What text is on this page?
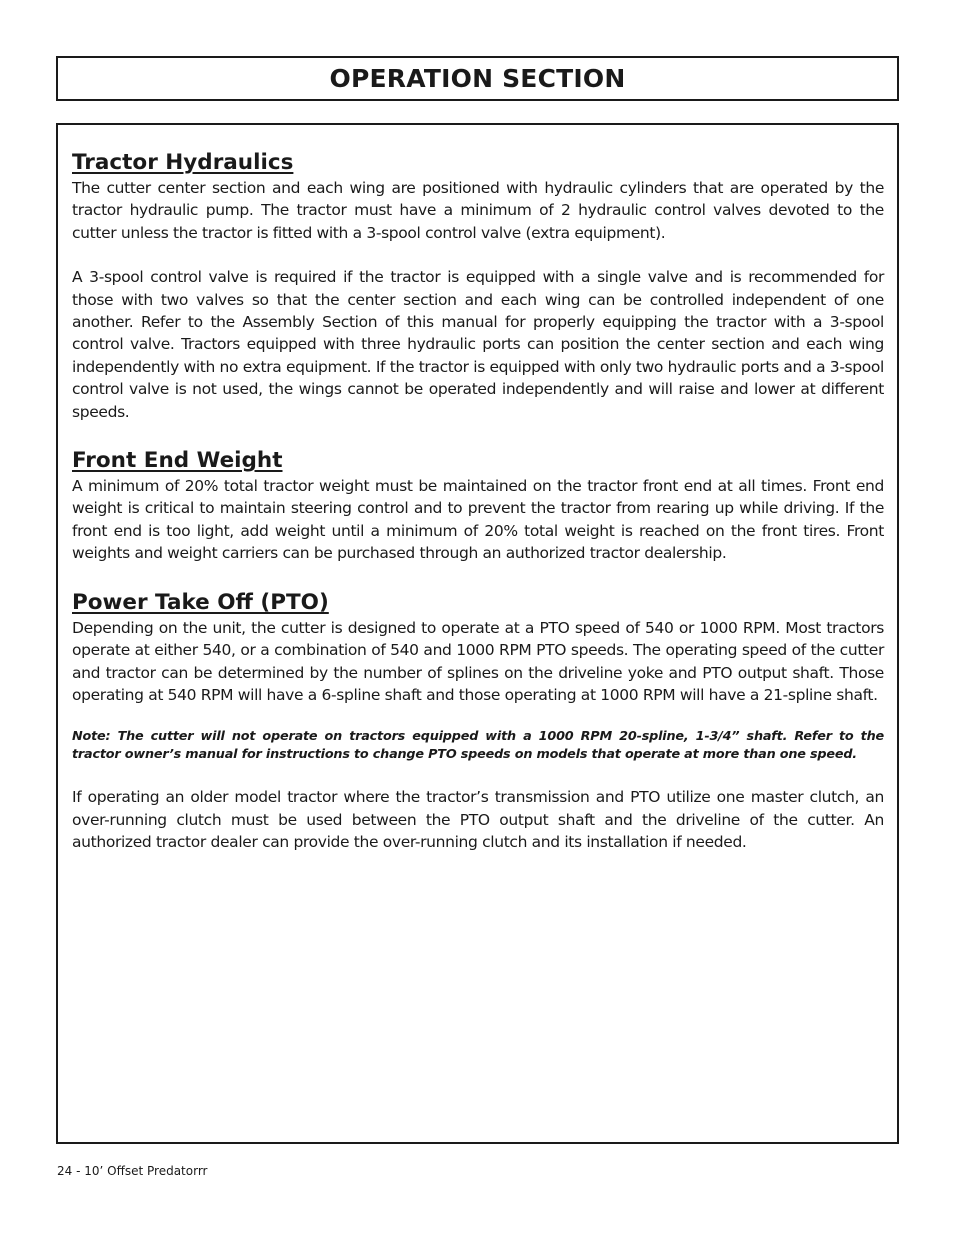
OPERATION SECTION
Tractor Hydraulics

The cutter center section and each wing are positioned with hydraulic cylinders that are operated by the tractor hydraulic pump. The tractor must have a minimum of 2 hydraulic control valves devoted to the cutter unless the tractor is fitted with a 3-spool control valve (extra equipment).

A 3-spool control valve is required if the tractor is equipped with a single valve and is recommended for those with two valves so that the center section and each wing can be controlled independent of one another. Refer to the Assembly Section of this manual for properly equipping the tractor with a 3-spool control valve. Tractors equipped with three hydraulic ports can position the center section and each wing independently with no extra equipment. If the tractor is equipped with only two hydraulic ports and a 3-spool control valve is not used, the wings cannot be operated independently and will raise and lower at different speeds.

Front End Weight

A minimum of 20% total tractor weight must be maintained on the tractor front end at all times. Front end weight is critical to maintain steering control and to prevent the tractor from rearing up while driving. If the front end is too light, add weight until a minimum of 20% total weight is reached on the front tires. Front weights and weight carriers can be purchased through an authorized tractor dealership.

Power Take Off (PTO)

Depending on the unit, the cutter is designed to operate at a PTO speed of 540 or 1000 RPM. Most tractors operate at either 540, or a combination of 540 and 1000 RPM PTO speeds. The operating speed of the cutter and tractor can be determined by the number of splines on the driveline yoke and PTO output shaft. Those operating at 540 RPM will have a 6-spline shaft and those operating at 1000 RPM will have a 21-spline shaft.

Note: The cutter will not operate on tractors equipped with a 1000 RPM 20-spline, 1-3/4” shaft. Refer to the tractor owner’s manual for instructions to change PTO speeds on models that operate at more than one speed.

If operating an older model tractor where the tractor’s transmission and PTO utilize one master clutch, an over-running clutch must be used between the PTO output shaft and the driveline of the cutter. An authorized tractor dealer can provide the over-running clutch and its installation if needed.

24 - 10’ Offset Predatorrr
